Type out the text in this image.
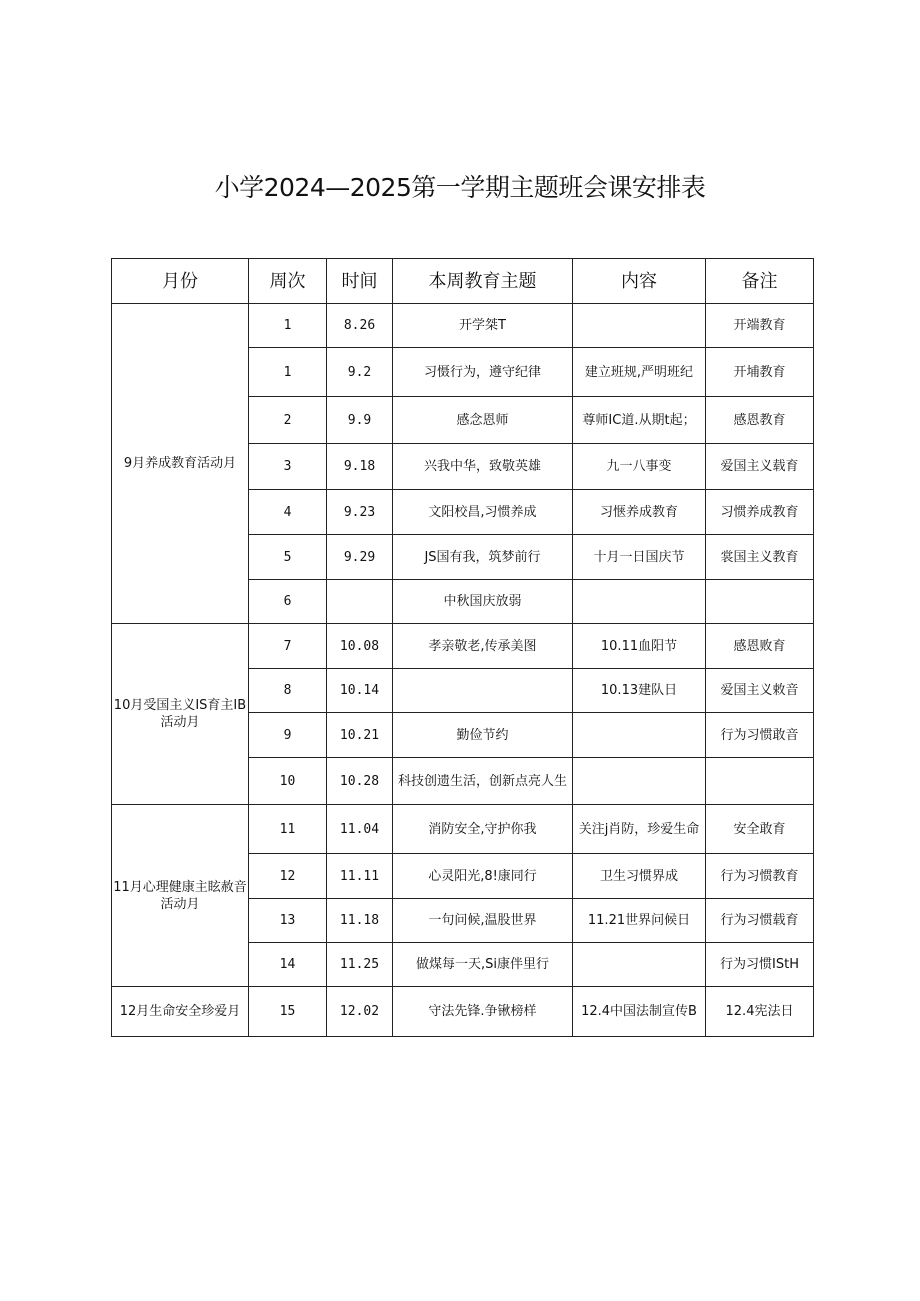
小学2024—2025第一学期主题班会课安排表
月份	周次	时间	本周教育主题	内容	备注
9月养成教育活动月	1	8.26	开学桀T		开端教育
	1	9.2	习慑行为，遵守纪律	建立班规,严明班纪	开埔教育
	2	9.9	感念恩师	尊师IC道.从期t起；	感恩教育
	3	9.18	兴我中华，致敬英雄	九一八事变	爱国主义载育
	4	9.23	文阳校昌,习惯养成	习惬养成教育	习惯养成教育
	5	9.29	JS国有我，筑梦前行	十月一日国庆节	裳国主义教育
	6		中秋国庆放弱		
10月受国主义IS育主IB活动月	7	10.08	孝亲敬老,传承美图	10.11血阳节	感恩败育
	8	10.14		10.13建队日	爱国主义敕音
	9	10.21	勤俭节约		行为习惯敢音
	10	10.28	科技创遗生活，创新点亮人生		
11月心理健康主眩赦音活动月	11	11.04	消防安全,守护你我	关注j肖防，珍爱生命	安全敢育
	12	11.11	心灵阳光,8!康同行	卫生习惯界成	行为习惯教育
	13	11.18	一句问候,温股世界	11.21世界问候日	行为习惯载育
	14	11.25	做煤每一天,Si康伴里行		行为习惯IStH
12月生命安全珍爱月	15	12.02	守法先锋.争锹榜样	12.4中国法制宣传B	12.4宪法日
